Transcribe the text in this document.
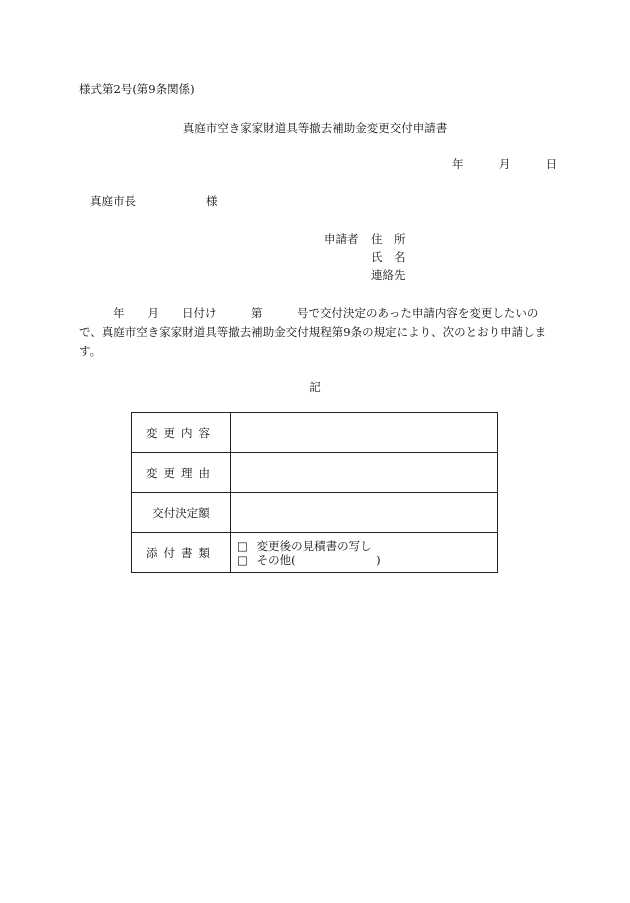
様式第2号(第9条関係)
真庭市空き家家財道具等撤去補助金変更交付申請書
年	月	日
真庭市長	様
申請者 住　所
氏　名
連絡先
年　　月　　日付け　　　第　　　号で交付決定のあった申請内容を変更したいの
で、真庭市空き家家財道具等撤去補助金交付規程第9条の規定により、次のとおり申請します。
記
変更内容	
変更理由	
交付決定額	
添付書類	□ 変更後の見積書の写し
□ その他(　　　　　　　)
